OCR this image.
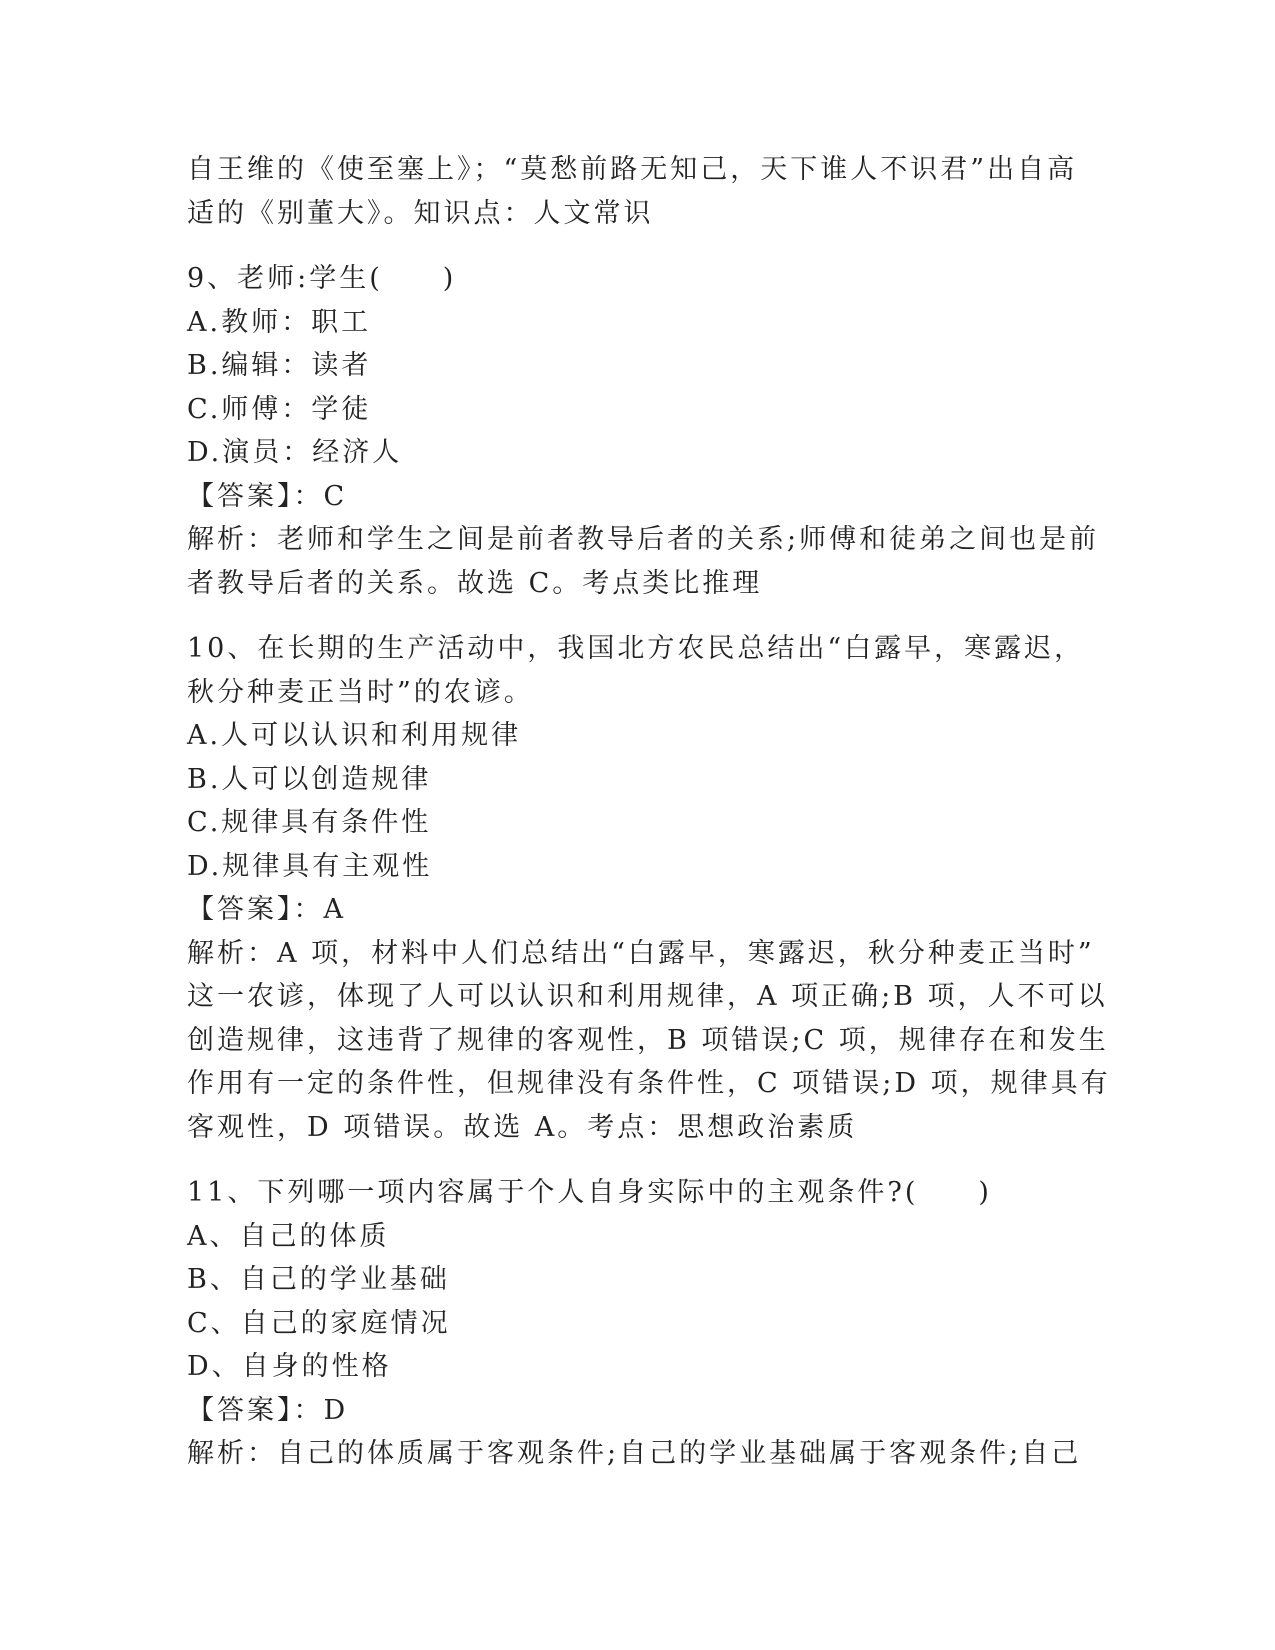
自王维的《使至塞上》；“莫愁前路无知己，天下谁人不识君”出自高
适的《别董大》。知识点：人文常识
9、老师:学生(　　)
A.教师：职工
B.编辑：读者
C.师傅：学徒
D.演员：经济人
【答案】：C
解析：老师和学生之间是前者教导后者的关系;师傅和徒弟之间也是前
者教导后者的关系。故选 C。考点类比推理
10、在长期的生产活动中，我国北方农民总结出“白露早，寒露迟，
秋分种麦正当时”的农谚。
A.人可以认识和利用规律
B.人可以创造规律
C.规律具有条件性
D.规律具有主观性
【答案】：A
解析：A 项，材料中人们总结出“白露早，寒露迟，秋分种麦正当时”
这一农谚，体现了人可以认识和利用规律，A 项正确;B 项，人不可以
创造规律，这违背了规律的客观性，B 项错误;C 项，规律存在和发生
作用有一定的条件性，但规律没有条件性，C 项错误;D 项，规律具有
客观性，D 项错误。故选 A。考点：思想政治素质
11、下列哪一项内容属于个人自身实际中的主观条件?(　　)
A、自己的体质
B、自己的学业基础
C、自己的家庭情况
D、自身的性格
【答案】：D
解析：自己的体质属于客观条件;自己的学业基础属于客观条件;自己
